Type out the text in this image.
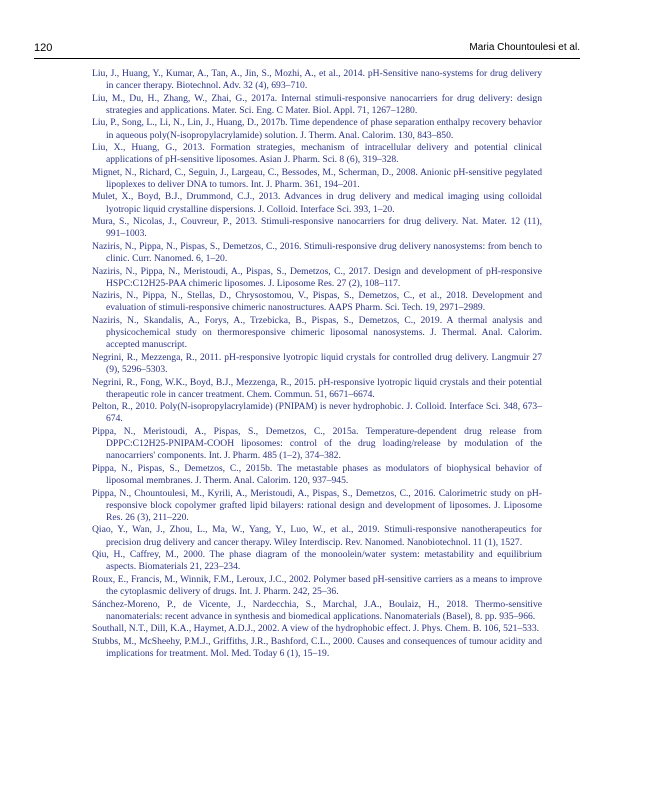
120	Maria Chountoulesi et al.

Liu, J., Huang, Y., Kumar, A., Tan, A., Jin, S., Mozhi, A., et al., 2014. pH-Sensitive nano-systems for drug delivery in cancer therapy. Biotechnol. Adv. 32 (4), 693–710.

Liu, M., Du, H., Zhang, W., Zhai, G., 2017a. Internal stimuli-responsive nanocarriers for drug delivery: design strategies and applications. Mater. Sci. Eng. C Mater. Biol. Appl. 71, 1267–1280.

Liu, P., Song, L., Li, N., Lin, J., Huang, D., 2017b. Time dependence of phase separation enthalpy recovery behavior in aqueous poly(N-isopropylacrylamide) solution. J. Therm. Anal. Calorim. 130, 843–850.

Liu, X., Huang, G., 2013. Formation strategies, mechanism of intracellular delivery and potential clinical applications of pH-sensitive liposomes. Asian J. Pharm. Sci. 8 (6), 319–328.

Mignet, N., Richard, C., Seguin, J., Largeau, C., Bessodes, M., Scherman, D., 2008. Anionic pH-sensitive pegylated lipoplexes to deliver DNA to tumors. Int. J. Pharm. 361, 194–201.

Mulet, X., Boyd, B.J., Drummond, C.J., 2013. Advances in drug delivery and medical imaging using colloidal lyotropic liquid crystalline dispersions. J. Colloid. Interface Sci. 393, 1–20.

Mura, S., Nicolas, J., Couvreur, P., 2013. Stimuli-responsive nanocarriers for drug delivery. Nat. Mater. 12 (11), 991–1003.

Naziris, N., Pippa, N., Pispas, S., Demetzos, C., 2016. Stimuli-responsive drug delivery nanosystems: from bench to clinic. Curr. Nanomed. 6, 1–20.

Naziris, N., Pippa, N., Meristoudi, A., Pispas, S., Demetzos, C., 2017. Design and development of pH-responsive HSPC:C12H25-PAA chimeric liposomes. J. Liposome Res. 27 (2), 108–117.

Naziris, N., Pippa, N., Stellas, D., Chrysostomou, V., Pispas, S., Demetzos, C., et al., 2018. Development and evaluation of stimuli-responsive chimeric nanostructures. AAPS Pharm. Sci. Tech. 19, 2971–2989.

Naziris, N., Skandalis, A., Forys, A., Trzebicka, B., Pispas, S., Demetzos, C., 2019. A thermal analysis and physicochemical study on thermoresponsive chimeric liposomal nanosystems. J. Thermal. Anal. Calorim. accepted manuscript.

Negrini, R., Mezzenga, R., 2011. pH-responsive lyotropic liquid crystals for controlled drug delivery. Langmuir 27 (9), 5296–5303.

Negrini, R., Fong, W.K., Boyd, B.J., Mezzenga, R., 2015. pH-responsive lyotropic liquid crystals and their potential therapeutic role in cancer treatment. Chem. Commun. 51, 6671–6674.

Pelton, R., 2010. Poly(N-isopropylacrylamide) (PNIPAM) is never hydrophobic. J. Colloid. Interface Sci. 348, 673–674.

Pippa, N., Meristoudi, A., Pispas, S., Demetzos, C., 2015a. Temperature-dependent drug release from DPPC:C12H25-PNIPAM-COOH liposomes: control of the drug loading/release by modulation of the nanocarriers' components. Int. J. Pharm. 485 (1–2), 374–382.

Pippa, N., Pispas, S., Demetzos, C., 2015b. The metastable phases as modulators of biophysical behavior of liposomal membranes. J. Therm. Anal. Calorim. 120, 937–945.

Pippa, N., Chountoulesi, M., Kyrili, A., Meristoudi, A., Pispas, S., Demetzos, C., 2016. Calorimetric study on pH-responsive block copolymer grafted lipid bilayers: rational design and development of liposomes. J. Liposome Res. 26 (3), 211–220.

Qiao, Y., Wan, J., Zhou, L., Ma, W., Yang, Y., Luo, W., et al., 2019. Stimuli-responsive nanotherapeutics for precision drug delivery and cancer therapy. Wiley Interdiscip. Rev. Nanomed. Nanobiotechnol. 11 (1), 1527.

Qiu, H., Caffrey, M., 2000. The phase diagram of the monoolein/water system: metastability and equilibrium aspects. Biomaterials 21, 223–234.

Roux, E., Francis, M., Winnik, F.M., Leroux, J.C., 2002. Polymer based pH-sensitive carriers as a means to improve the cytoplasmic delivery of drugs. Int. J. Pharm. 242, 25–36.

Sánchez-Moreno, P., de Vicente, J., Nardecchia, S., Marchal, J.A., Boulaiz, H., 2018. Thermo-sensitive nanomaterials: recent advance in synthesis and biomedical applications. Nanomaterials (Basel), 8. pp. 935–966.

Southall, N.T., Dill, K.A., Haymet, A.D.J., 2002. A view of the hydrophobic effect. J. Phys. Chem. B. 106, 521–533.

Stubbs, M., McSheehy, P.M.J., Griffiths, J.R., Bashford, C.L., 2000. Causes and consequences of tumour acidity and implications for treatment. Mol. Med. Today 6 (1), 15–19.
